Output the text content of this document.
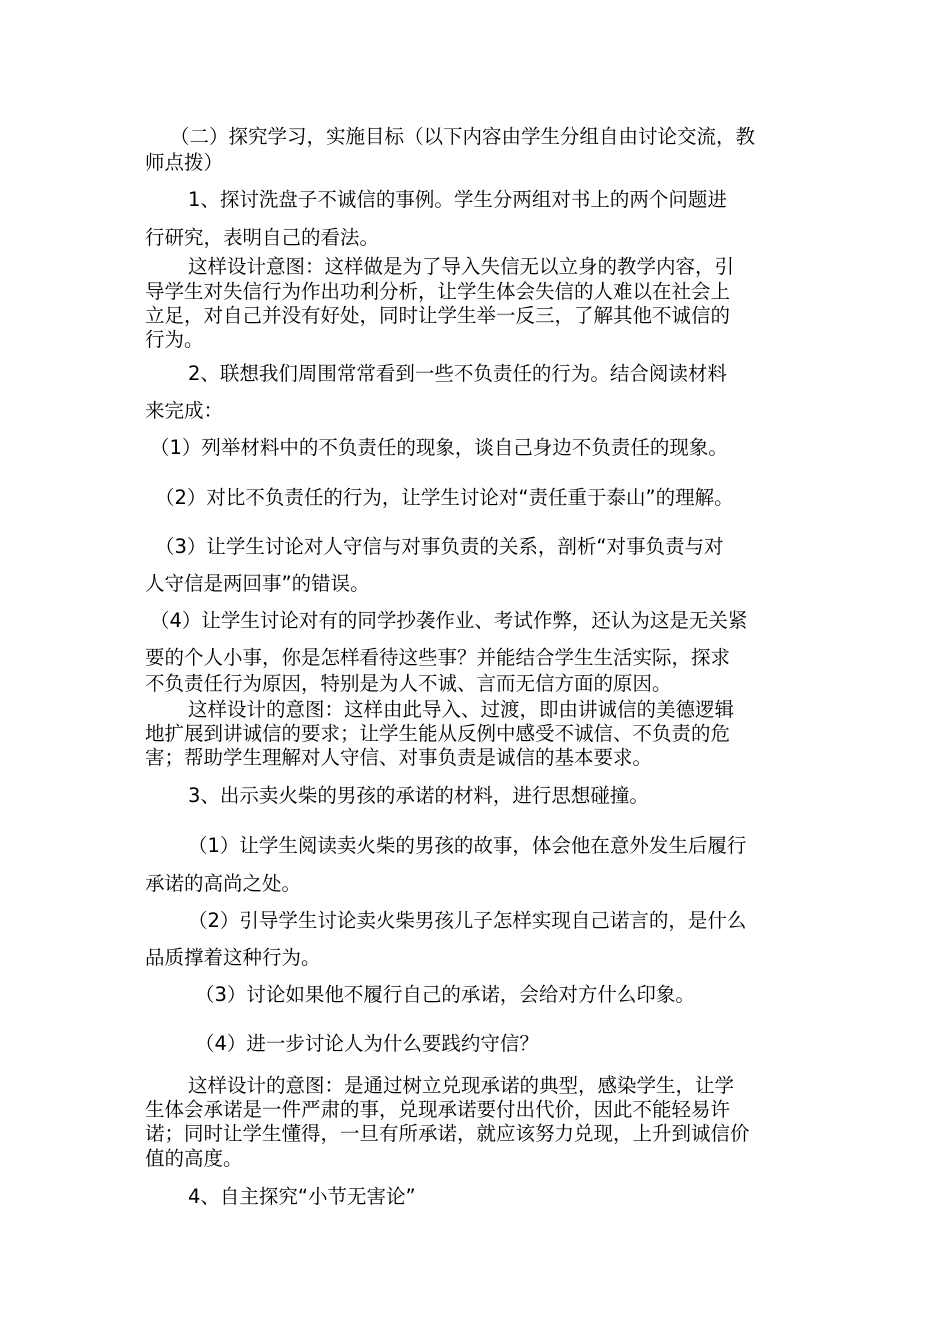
（二）探究学习，实施目标（以下内容由学生分组自由讨论交流，教
师点拨）
1、探讨洗盘子不诚信的事例。学生分两组对书上的两个问题进
行研究，表明自己的看法。
这样设计意图：这样做是为了导入失信无以立身的教学内容，引
导学生对失信行为作出功利分析，让学生体会失信的人难以在社会上
立足，对自己并没有好处，同时让学生举一反三，了解其他不诚信的
行为。
2、联想我们周围常常看到一些不负责任的行为。结合阅读材料
来完成：
（1）列举材料中的不负责任的现象，谈自己身边不负责任的现象。
（2）对比不负责任的行为，让学生讨论对“责任重于泰山”的理解。
（3）让学生讨论对人守信与对事负责的关系，剖析“对事负责与对
人守信是两回事”的错误。
（4）让学生讨论对有的同学抄袭作业、考试作弊，还认为这是无关紧
要的个人小事，你是怎样看待这些事？并能结合学生生活实际，探求
不负责任行为原因，特别是为人不诚、言而无信方面的原因。
这样设计的意图：这样由此导入、过渡，即由讲诚信的美德逻辑
地扩展到讲诚信的要求；让学生能从反例中感受不诚信、不负责的危
害；帮助学生理解对人守信、对事负责是诚信的基本要求。
3、出示卖火柴的男孩的承诺的材料，进行思想碰撞。
（1）让学生阅读卖火柴的男孩的故事，体会他在意外发生后履行
承诺的高尚之处。
（2）引导学生讨论卖火柴男孩儿子怎样实现自己诺言的，是什么
品质撑着这种行为。
（3）讨论如果他不履行自己的承诺，会给对方什么印象。
（4）进一步讨论人为什么要践约守信？
这样设计的意图：是通过树立兑现承诺的典型，感染学生，让学
生体会承诺是一件严肃的事，兑现承诺要付出代价，因此不能轻易许
诺；同时让学生懂得，一旦有所承诺，就应该努力兑现，上升到诚信价
值的高度。
4、自主探究“小节无害论”
